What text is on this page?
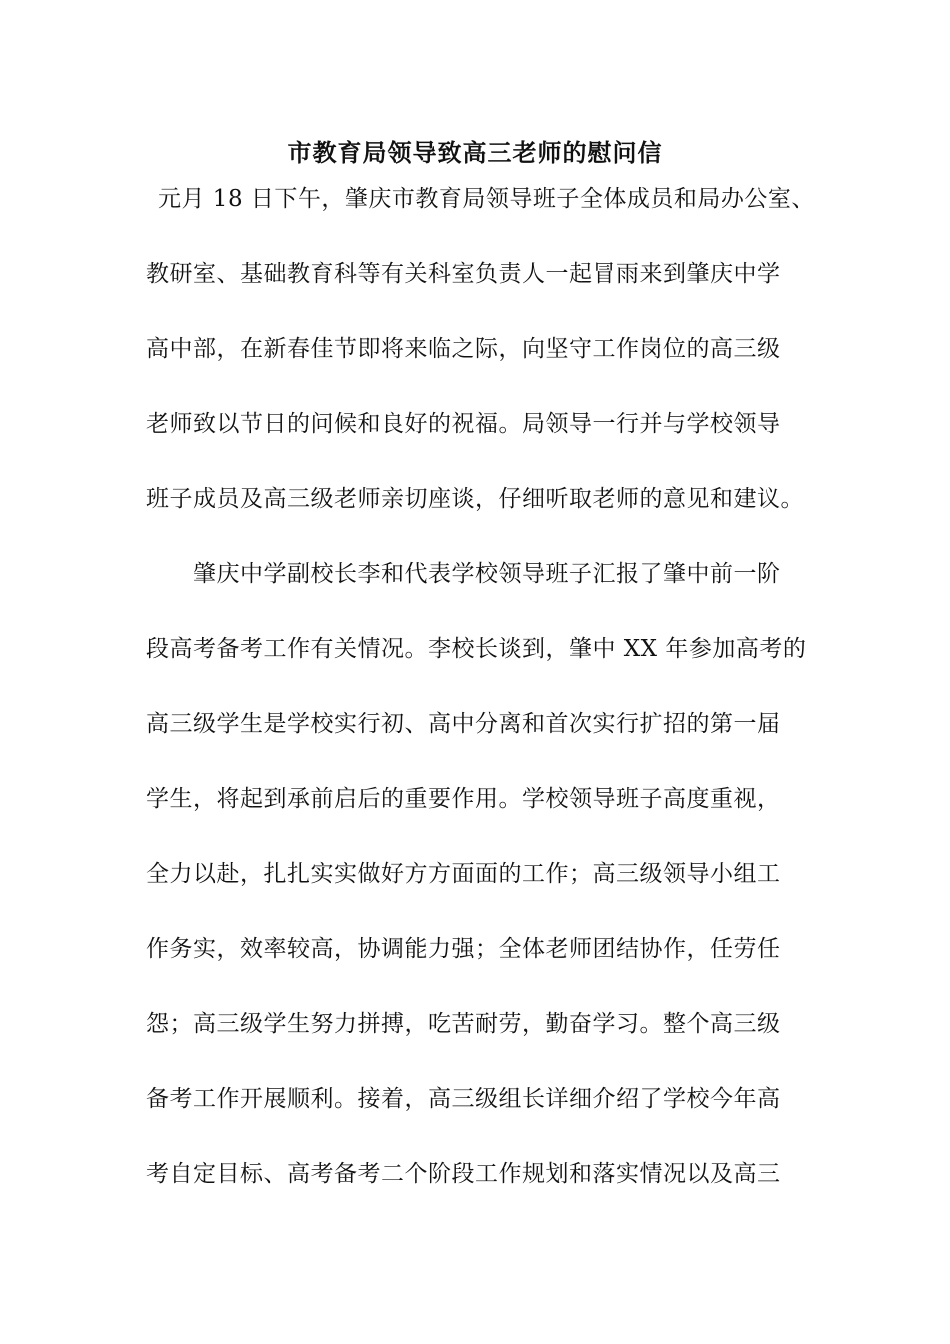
市教育局领导致高三老师的慰问信
元月 18 日下午，肇庆市教育局领导班子全体成员和局办公室、
教研室、基础教育科等有关科室负责人一起冒雨来到肇庆中学
高中部，在新春佳节即将来临之际，向坚守工作岗位的高三级
老师致以节日的问候和良好的祝福。局领导一行并与学校领导
班子成员及高三级老师亲切座谈，仔细听取老师的意见和建议。
肇庆中学副校长李和代表学校领导班子汇报了肇中前一阶
段高考备考工作有关情况。李校长谈到，肇中 XX 年参加高考的
高三级学生是学校实行初、高中分离和首次实行扩招的第一届
学生，将起到承前启后的重要作用。学校领导班子高度重视，
全力以赴，扎扎实实做好方方面面的工作；高三级领导小组工
作务实，效率较高，协调能力强；全体老师团结协作，任劳任
怨；高三级学生努力拼搏，吃苦耐劳，勤奋学习。整个高三级
备考工作开展顺利。接着，高三级组长详细介绍了学校今年高
考自定目标、高考备考二个阶段工作规划和落实情况以及高三
